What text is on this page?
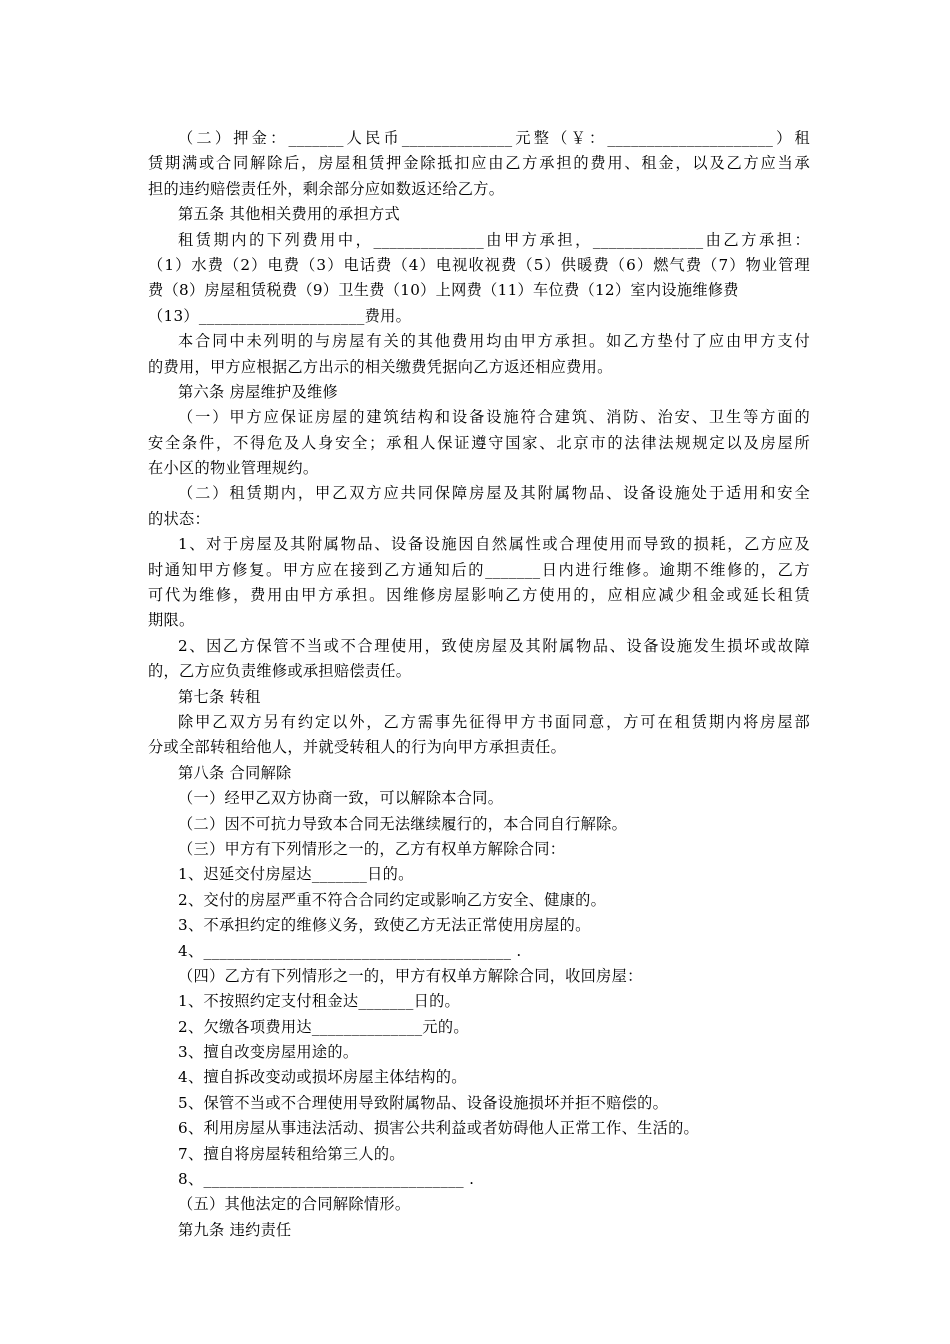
（二）押金：_______人民币______________元整（￥：_____________________）租
赁期满或合同解除后，房屋租赁押金除抵扣应由乙方承担的费用、租金，以及乙方应当承
担的违约赔偿责任外，剩余部分应如数返还给乙方。
第五条 其他相关费用的承担方式
租赁期内的下列费用中，______________由甲方承担，______________由乙方承担：
（1）水费（2）电费（3）电话费（4）电视收视费（5）供暖费（6）燃气费（7）物业管理
费（8）房屋租赁税费（9）卫生费（10）上网费（11）车位费（12）室内设施维修费
（13）_____________________费用。
本合同中未列明的与房屋有关的其他费用均由甲方承担。如乙方垫付了应由甲方支付
的费用，甲方应根据乙方出示的相关缴费凭据向乙方返还相应费用。
第六条 房屋维护及维修
（一）甲方应保证房屋的建筑结构和设备设施符合建筑、消防、治安、卫生等方面的
安全条件，不得危及人身安全；承租人保证遵守国家、北京市的法律法规规定以及房屋所
在小区的物业管理规约。
（二）租赁期内，甲乙双方应共同保障房屋及其附属物品、设备设施处于适用和安全
的状态：
1、对于房屋及其附属物品、设备设施因自然属性或合理使用而导致的损耗，乙方应及
时通知甲方修复。甲方应在接到乙方通知后的_______日内进行维修。逾期不维修的，乙方
可代为维修，费用由甲方承担。因维修房屋影响乙方使用的，应相应减少租金或延长租赁
期限。
2、因乙方保管不当或不合理使用，致使房屋及其附属物品、设备设施发生损坏或故障
的，乙方应负责维修或承担赔偿责任。
第七条 转租
除甲乙双方另有约定以外，乙方需事先征得甲方书面同意，方可在租赁期内将房屋部
分或全部转租给他人，并就受转租人的行为向甲方承担责任。
第八条 合同解除
（一）经甲乙双方协商一致，可以解除本合同。
（二）因不可抗力导致本合同无法继续履行的，本合同自行解除。
（三）甲方有下列情形之一的，乙方有权单方解除合同：
1、迟延交付房屋达_______日的。
2、交付的房屋严重不符合合同约定或影响乙方安全、健康的。
3、不承担约定的维修义务，致使乙方无法正常使用房屋的。
4、_______________________________________ .
（四）乙方有下列情形之一的，甲方有权单方解除合同，收回房屋：
1、不按照约定支付租金达_______日的。
2、欠缴各项费用达______________元的。
3、擅自改变房屋用途的。
4、擅自拆改变动或损坏房屋主体结构的。
5、保管不当或不合理使用导致附属物品、设备设施损坏并拒不赔偿的。
6、利用房屋从事违法活动、损害公共利益或者妨碍他人正常工作、生活的。
7、擅自将房屋转租给第三人的。
8、_________________________________ .
（五）其他法定的合同解除情形。
第九条 违约责任
